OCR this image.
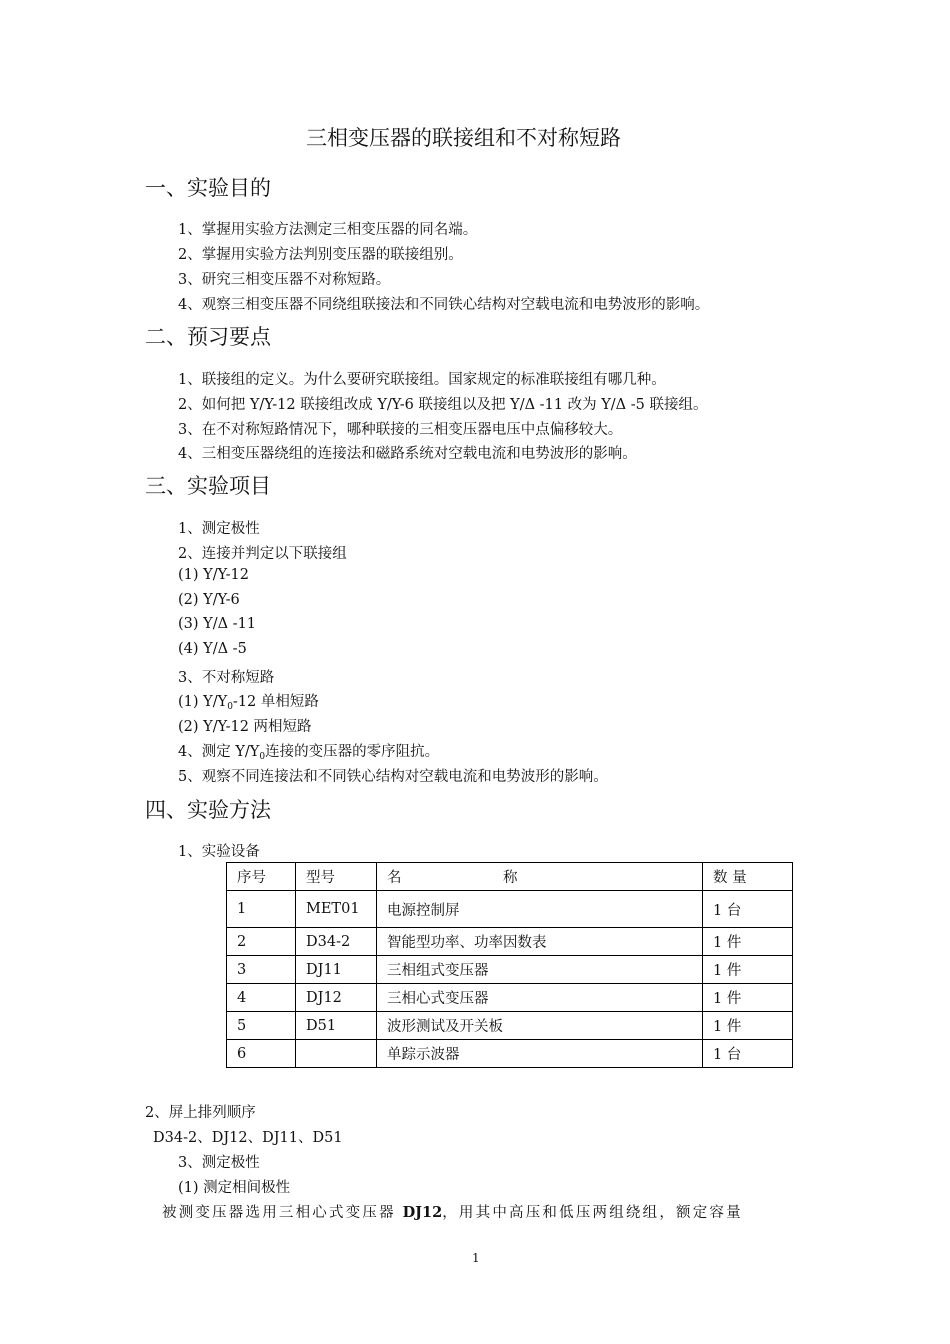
三相变压器的联接组和不对称短路
一、实验目的
1、掌握用实验方法测定三相变压器的同名端。
2、掌握用实验方法判别变压器的联接组别。
3、研究三相变压器不对称短路。
4、观察三相变压器不同绕组联接法和不同铁心结构对空载电流和电势波形的影响。
二、预习要点
1、联接组的定义。为什么要研究联接组。国家规定的标准联接组有哪几种。
2、如何把 Y/Y-12 联接组改成 Y/Y-6 联接组以及把 Y/Δ -11 改为 Y/Δ -5 联接组。
3、在不对称短路情况下，哪种联接的三相变压器电压中点偏移较大。
4、三相变压器绕组的连接法和磁路系统对空载电流和电势波形的影响。
三、实验项目
1、测定极性
2、连接并判定以下联接组
(1) Y/Y-12
(2) Y/Y-6
(3) Y/Δ -11
(4) Y/Δ -5
3、不对称短路
(1) $Y/Y_0-12$ 单相短路
(2) Y/Y-12 两相短路
4、测定 $Y/Y_0$连接的变压器的零序阻抗。
5、观察不同连接法和不同铁心结构对空载电流和电势波形的影响。
四、实验方法
1、实验设备
序号	型号	名　　　　　　　称	数 量
1	MET01	电源控制屏	1 台
2	D34-2	智能型功率、功率因数表	1 件
3	DJ11	三相组式变压器	1 件
4	DJ12	三相心式变压器	1 件
5	D51	波形测试及开关板	1 件
6		单踪示波器	1 台
2、屏上排列顺序
D34-2、DJ12、DJ11、D51
3、测定极性
(1) 测定相间极性
被测变压器选用三相心式变压器 DJ12，用其中高压和低压两组绕组，额定容量
1
